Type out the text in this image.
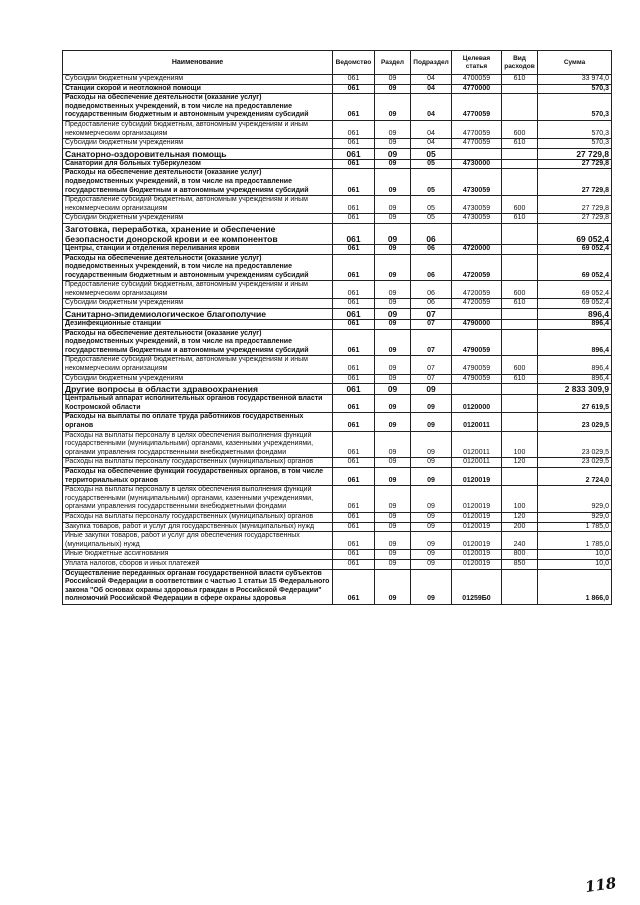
Наименование	Ведомство	Раздел	Подраздел	Целевая статья	Вид расходов	Сумма
Субсидии бюджетным учреждениям	061	09	04	4700059	610	33 974,0
Станции скорой и неотложной помощи	061	09	04	4770000		570,3
Расходы на обеспечение деятельности (оказание услуг) подведомственных учреждений, в том числе на предоставление государственным бюджетным и автономным учреждениям субсидий	061	09	04	4770059		570,3
Предоставление субсидий бюджетным, автономным учреждениям и иным некоммерческим организациям	061	09	04	4770059	600	570,3
Субсидии бюджетным учреждениям	061	09	04	4770059	610	570,3
Санаторно-оздоровительная помощь	061	09	05			27 729,8
Санатории для больных туберкулезом	061	09	05	4730000		27 729,8
Расходы на обеспечение деятельности (оказание услуг) подведомственных учреждений, в том числе на предоставление государственным бюджетным и автономным учреждениям субсидий	061	09	05	4730059		27 729,8
Предоставление субсидий бюджетным, автономным учреждениям и иным некоммерческим организациям	061	09	05	4730059	600	27 729,8
Субсидии бюджетным учреждениям	061	09	05	4730059	610	27 729,8
Заготовка, переработка, хранение и обеспечение безопасности донорской крови и ее компонентов	061	09	06			69 052,4
Центры, станции и отделения переливания крови	061	09	06	4720000		69 052,4
Расходы на обеспечение деятельности (оказание услуг) подведомственных учреждений, в том числе на предоставление государственным бюджетным и автономным учреждениям субсидий	061	09	06	4720059		69 052,4
Предоставление субсидий бюджетным, автономным учреждениям и иным некоммерческим организациям	061	09	06	4720059	600	69 052,4
Субсидии бюджетным учреждениям	061	09	06	4720059	610	69 052,4
Санитарно-эпидемиологическое благополучие	061	09	07			896,4
Дезинфекционные станции	061	09	07	4790000		896,4
Расходы на обеспечение деятельности (оказание услуг) подведомственных учреждений, в том числе на предоставление государственным бюджетным и автономным учреждениям субсидий	061	09	07	4790059		896,4
Предоставление субсидий бюджетным, автономным учреждениям и иным некоммерческим организациям	061	09	07	4790059	600	896,4
Субсидии бюджетным учреждениям	061	09	07	4790059	610	896,4
Другие вопросы в области здравоохранения	061	09	09			2 833 309,9
Центральный аппарат исполнительных органов государственной власти Костромской области	061	09	09	0120000		27 619,5
Расходы на выплаты по оплате труда работников государственных органов	061	09	09	0120011		23 029,5
Расходы на выплаты персоналу в целях обеспечения выполнения функций государственными (муниципальными) органами, казенными учреждениями, органами управления государственными внебюджетными фондами	061	09	09	0120011	100	23 029,5
Расходы на выплаты персоналу государственных (муниципальных) органов	061	09	09	0120011	120	23 029,5
Расходы на обеспечение функций государственных органов, в том числе территориальных органов	061	09	09	0120019		2 724,0
Расходы на выплаты персоналу в целях обеспечения выполнения функций государственными (муниципальными) органами, казенными учреждениями, органами управления государственными внебюджетными фондами	061	09	09	0120019	100	929,0
Расходы на выплаты персоналу государственных (муниципальных) органов	061	09	09	0120019	120	929,0
Закупка товаров, работ и услуг для государственных (муниципальных) нужд	061	09	09	0120019	200	1 785,0
Иные закупки товаров, работ и услуг для обеспечения государственных (муниципальных) нужд	061	09	09	0120019	240	1 785,0
Иные бюджетные ассигнования	061	09	09	0120019	800	10,0
Уплата налогов, сборов и иных платежей	061	09	09	0120019	850	10,0
Осуществление переданных органам государственной власти субъектов Российской Федерации в соответствии с частью 1 статьи 15 Федерального закона "Об основах охраны здоровья граждан в Российской Федерации" полномочий Российской Федерации в сфере охраны здоровья	061	09	09	01259Б0		1 866,0
118
